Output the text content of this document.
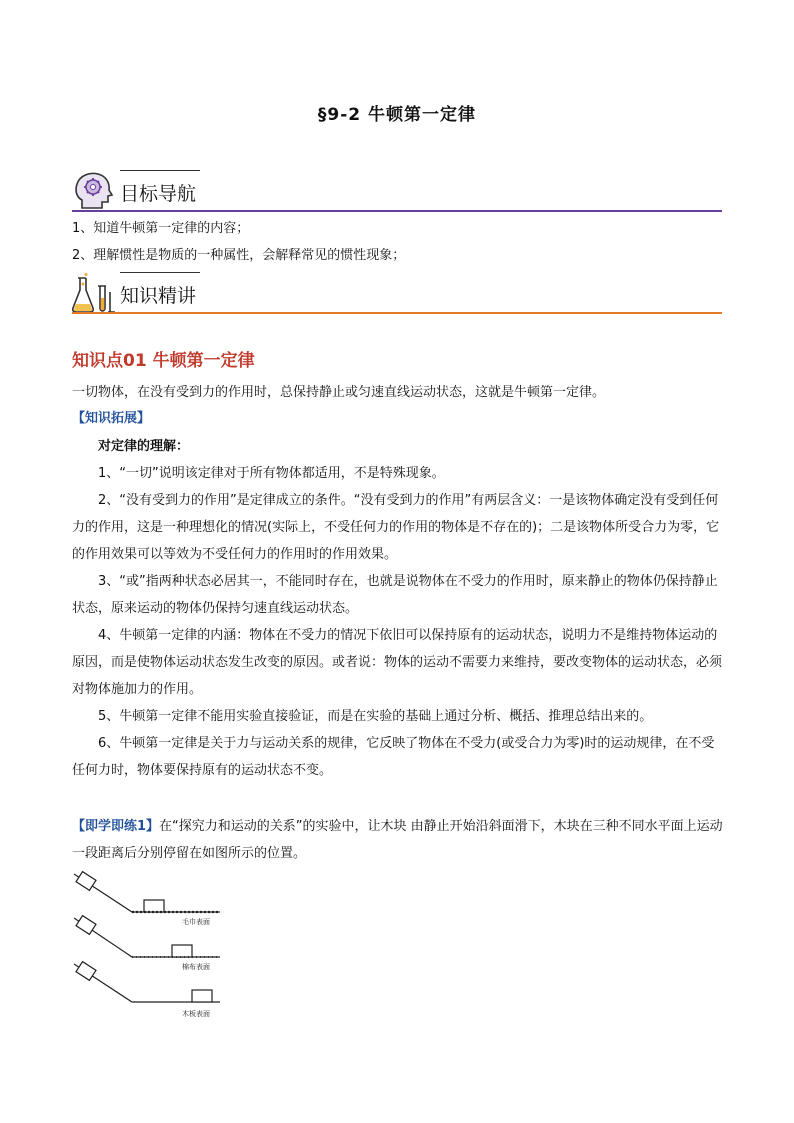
§9-2 牛顿第一定律
目标导航
1、知道牛顿第一定律的内容；
2、理解惯性是物质的一种属性，会解释常见的惯性现象；
知识精讲
知识点01 牛顿第一定律
一切物体，在没有受到力的作用时，总保持静止或匀速直线运动状态，这就是牛顿第一定律。
【知识拓展】
对定律的理解：
1、“一切”说明该定律对于所有物体都适用，不是特殊现象。
2、“没有受到力的作用”是定律成立的条件。“没有受到力的作用”有两层含义：一是该物体确定没有受到任何力的作用，这是一种理想化的情况(实际上，不受任何力的作用的物体是不存在的)；二是该物体所受合力为零，它的作用效果可以等效为不受任何力的作用时的作用效果。
3、“或”指两种状态必居其一，不能同时存在，也就是说物体在不受力的作用时，原来静止的物体仍保持静止状态，原来运动的物体仍保持匀速直线运动状态。
4、牛顿第一定律的内涵：物体在不受力的情况下依旧可以保持原有的运动状态，说明力不是维持物体运动的原因，而是使物体运动状态发生改变的原因。或者说：物体的运动不需要力来维持，要改变物体的运动状态，必须对物体施加力的作用。
5、牛顿第一定律不能用实验直接验证，而是在实验的基础上通过分析、概括、推理总结出来的。
6、牛顿第一定律是关于力与运动关系的规律，它反映了物体在不受力(或受合力为零)时的运动规律，在不受任何力时，物体要保持原有的运动状态不变。
【即学即练1】在“探究力和运动的关系”的实验中，让木块 由静止开始沿斜面滑下，木块在三种不同水平面上运动一段距离后分别停留在如图所示的位置。
毛巾表面
棉布表面
木板表面
